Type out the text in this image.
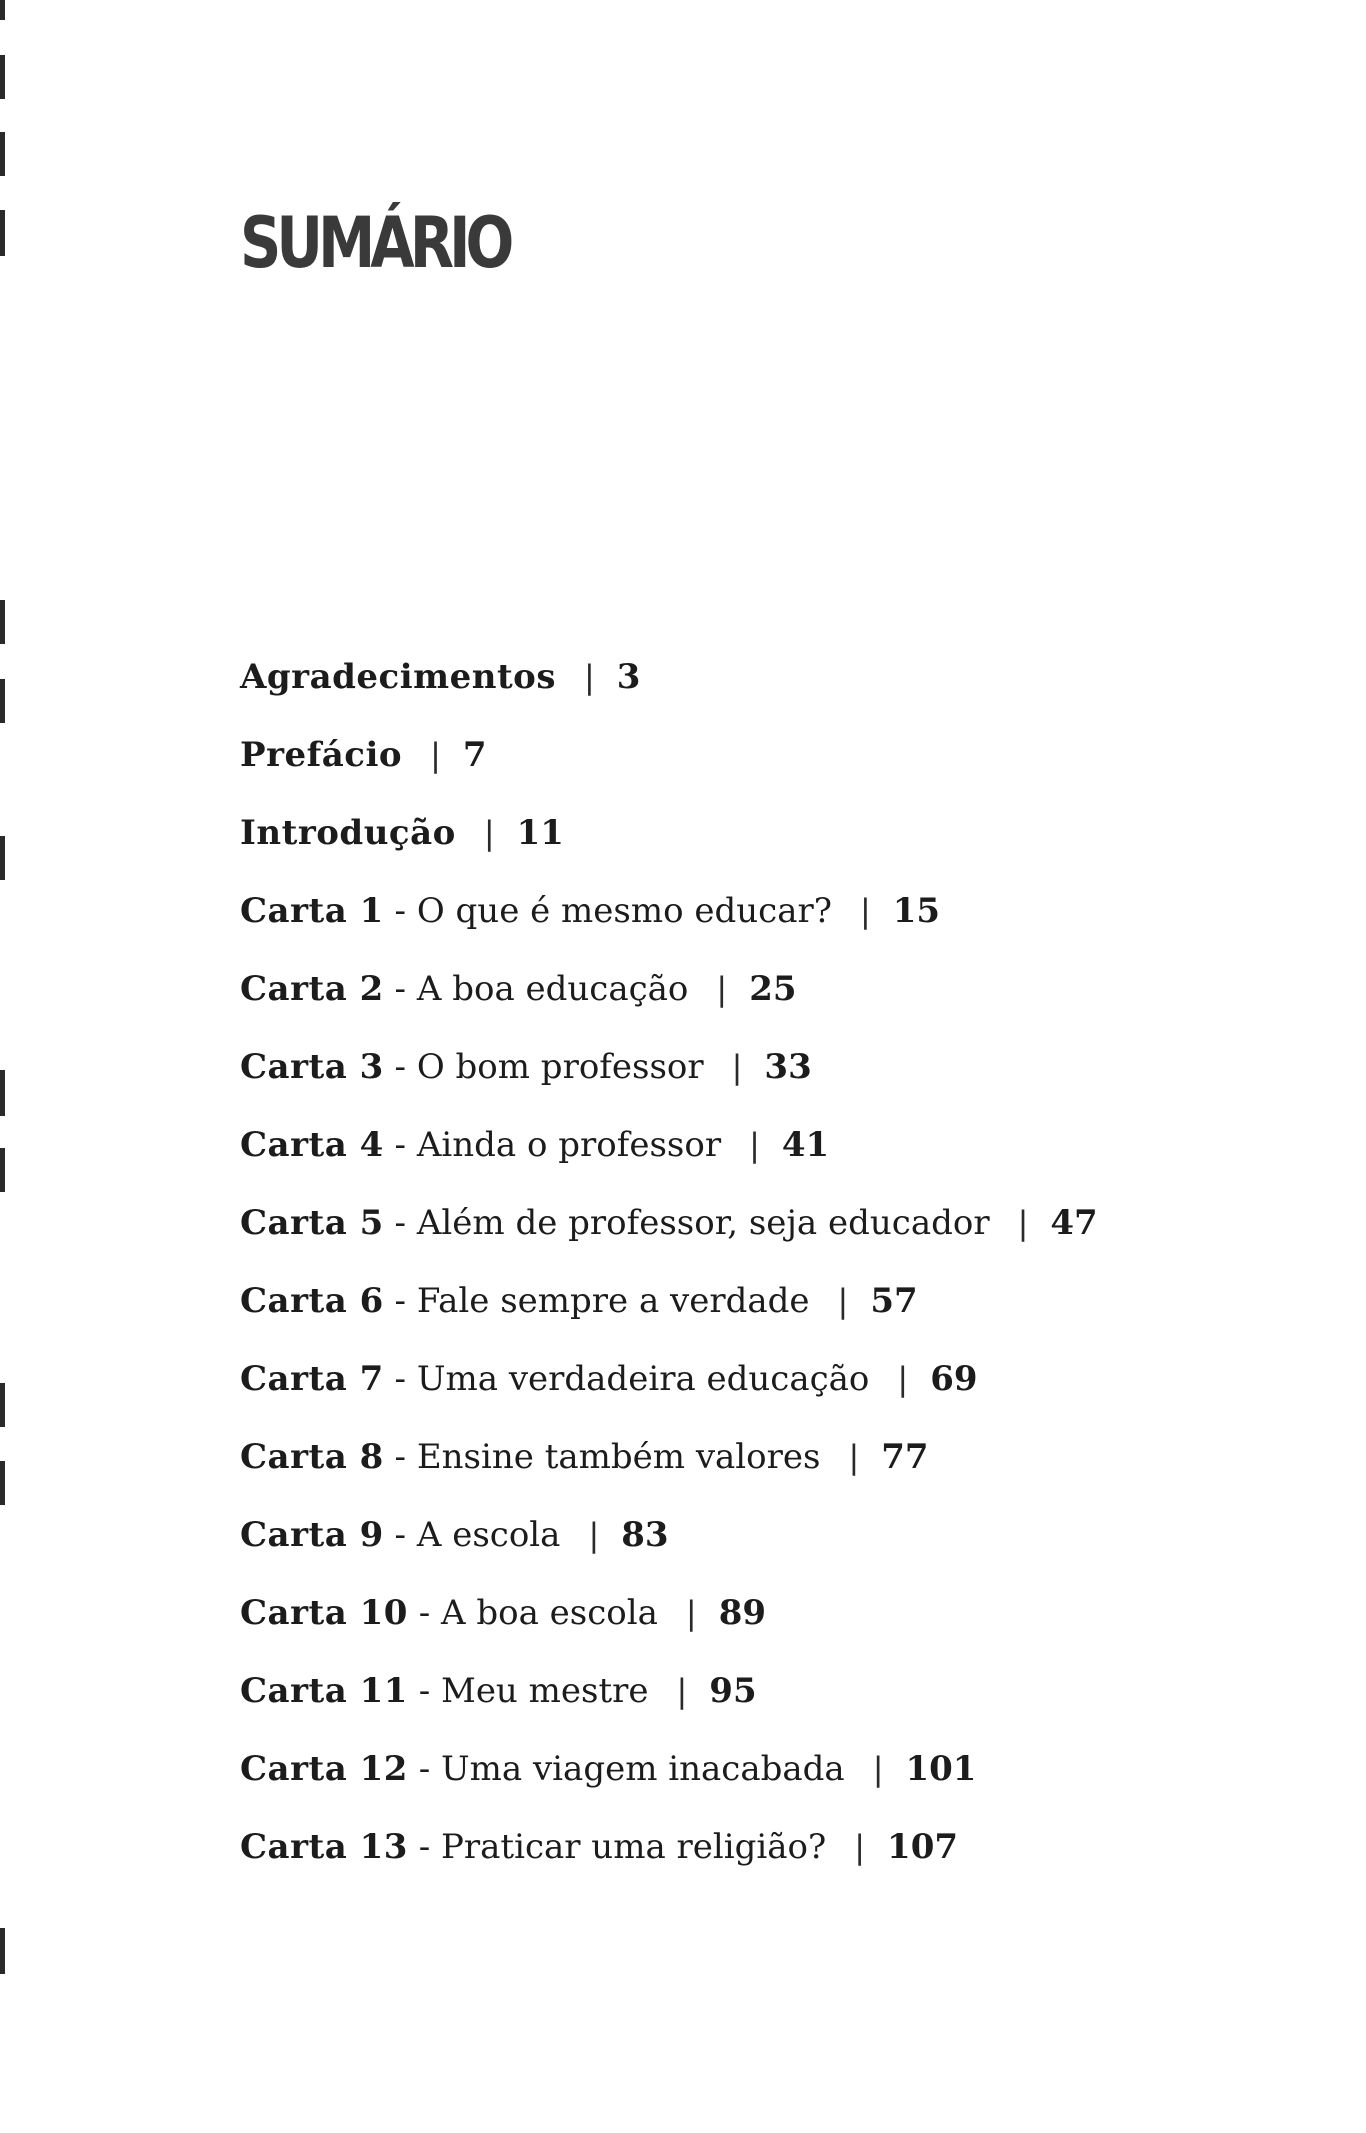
SUMÁRIO
Agradecimentos | 3
Prefácio | 7
Introdução | 11
Carta 1 - O que é mesmo educar? | 15
Carta 2 - A boa educação | 25
Carta 3 - O bom professor | 33
Carta 4 - Ainda o professor | 41
Carta 5 - Além de professor, seja educador | 47
Carta 6 - Fale sempre a verdade | 57
Carta 7 - Uma verdadeira educação | 69
Carta 8 - Ensine também valores | 77
Carta 9 - A escola | 83
Carta 10 - A boa escola | 89
Carta 11 - Meu mestre | 95
Carta 12 - Uma viagem inacabada | 101
Carta 13 - Praticar uma religião? | 107
